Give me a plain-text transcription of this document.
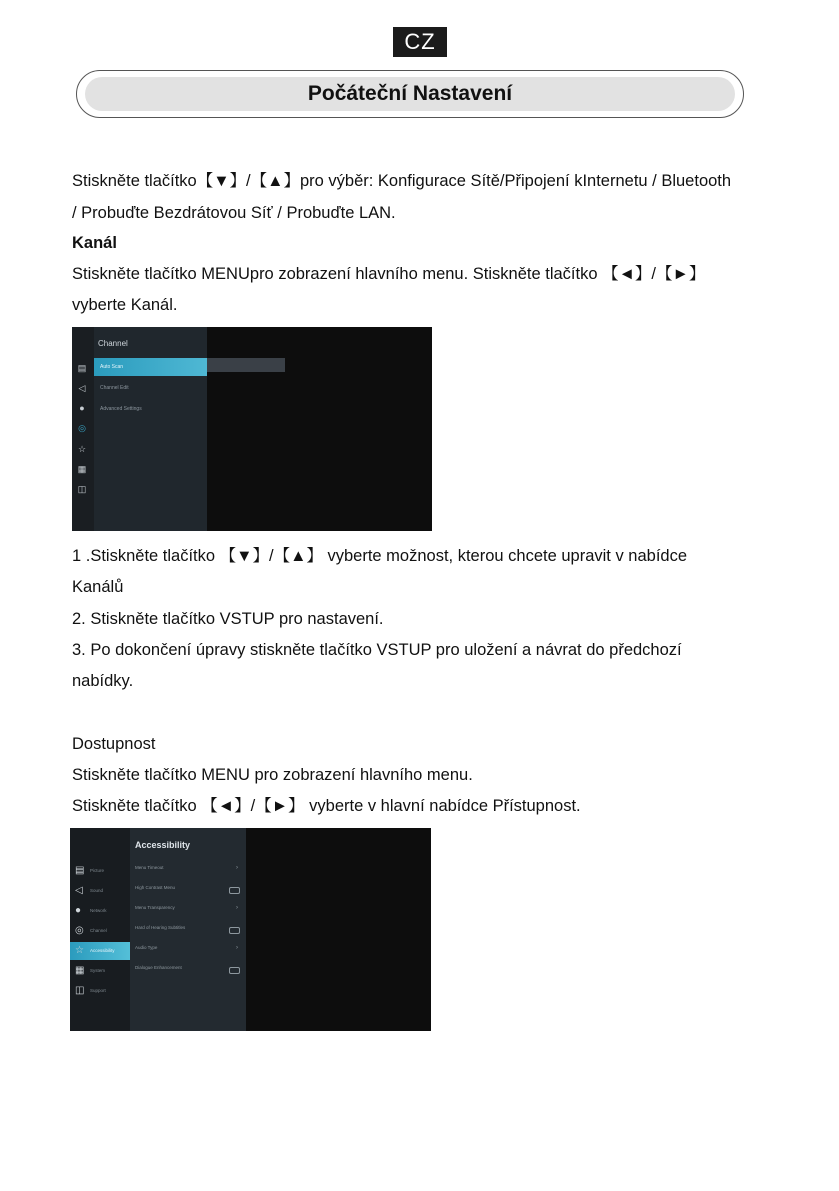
CZ
Počáteční Nastavení
Stiskněte tlačítko【▼】/【▲】pro výběr: Konfigurace Sítě/Připojení kInternetu / Bluetooth
/ Probuďte Bezdrátovou Síť / Probuďte LAN.
Kanál
Stiskněte tlačítko MENUpro zobrazení hlavního menu. Stiskněte tlačítko 【◄】/【►】
vyberte Kanál.
▤
◁
●
◎
☆
▦
◫
Channel
Auto Scan
Channel Edit
Advanced Settings
1 .Stiskněte tlačítko 【▼】/【▲】 vyberte možnost, kterou chcete upravit v nabídce
Kanálů
2. Stiskněte tlačítko VSTUP pro nastavení.
3. Po dokončení úpravy stiskněte tlačítko VSTUP pro uložení a návrat do předchozí
nabídky.
Dostupnost
Stiskněte tlačítko MENU pro zobrazení hlavního menu.
Stiskněte tlačítko 【◄】/【►】 vyberte v hlavní nabídce Přístupnost.
Accessibility
▤ Picture
◁ Sound
● Network
◎ Channel
☆ Accessibility
▦ System
◫ Support
Menu Timeout	›
High Contrast Menu
Menu Transparency	›
Hard of Hearing Subtitles
Audio Type	›
Dialogue Enhancement
